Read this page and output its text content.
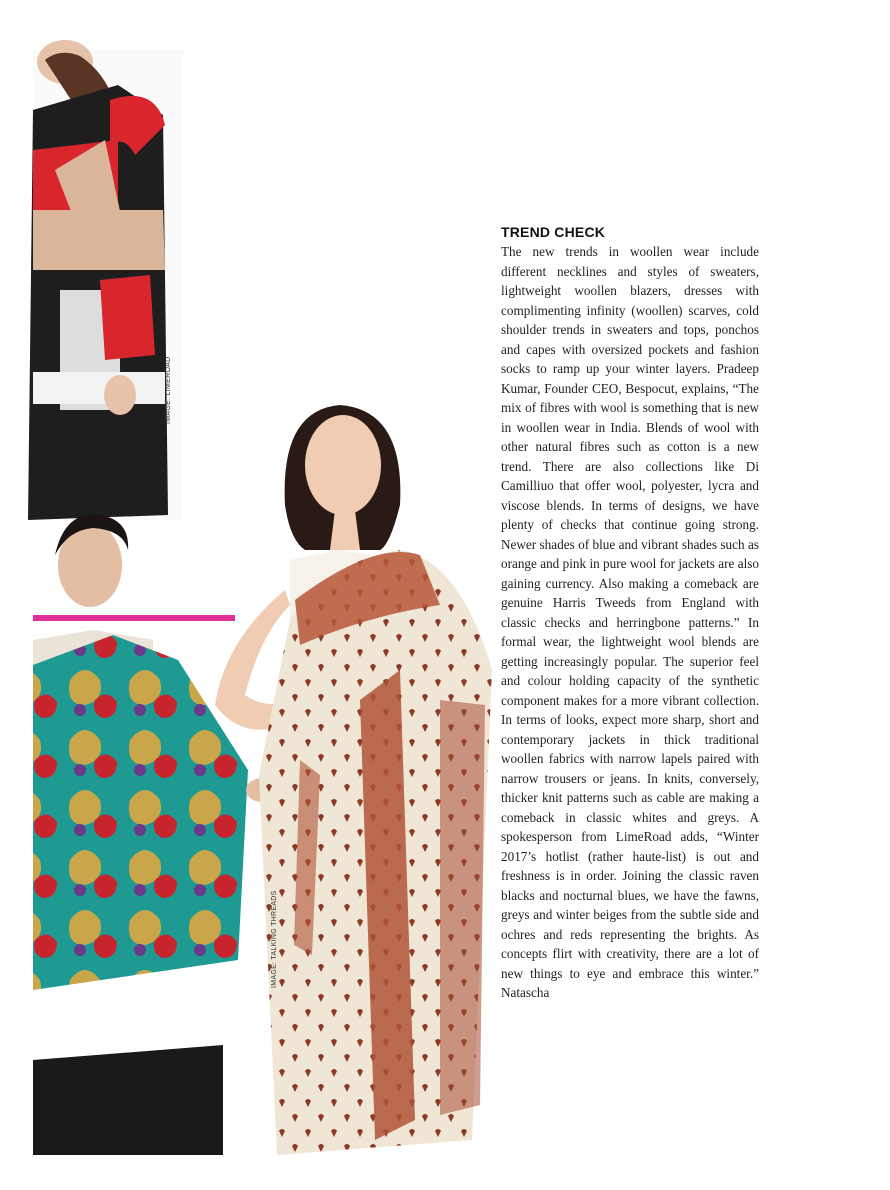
IMAGE: LIMEROAD
IMAGE: TALKING THREADS
TREND CHECK

The new trends in woollen wear include different necklines and styles of sweaters, lightweight woollen blazers, dresses with complimenting infinity (woollen) scarves, cold shoulder trends in sweaters and tops, ponchos and capes with oversized pockets and fashion socks to ramp up your winter layers. Pradeep Kumar, Founder CEO, Bespocut, explains, “The mix of fibres with wool is something that is new in woollen wear in India. Blends of wool with other natural fibres such as cotton is a new trend. There are also collections like Di Camilliuo that offer wool, polyester, lycra and viscose blends. In terms of designs, we have plenty of checks that continue going strong. Newer shades of blue and vibrant shades such as orange and pink in pure wool for jackets are also gaining currency. Also making a comeback are genuine Harris Tweeds from England with classic checks and herringbone patterns.” In formal wear, the lightweight wool blends are getting increasingly popular. The superior feel and colour holding capacity of the synthetic component makes for a more vibrant collection. In terms of looks, expect more sharp, short and contemporary jackets in thick traditional woollen fabrics with narrow lapels paired with narrow trousers or jeans. In knits, conversely, thicker knit patterns such as cable are making a comeback in classic whites and greys. A spokesperson from LimeRoad adds, “Winter 2017’s hotlist (rather haute-list) is out and freshness is in order. Joining the classic raven blacks and nocturnal blues, we have the fawns, greys and winter beiges from the subtle side and ochres and reds representing the brights. As concepts flirt with creativity, there are a lot of new things to eye and embrace this winter.” Natascha
